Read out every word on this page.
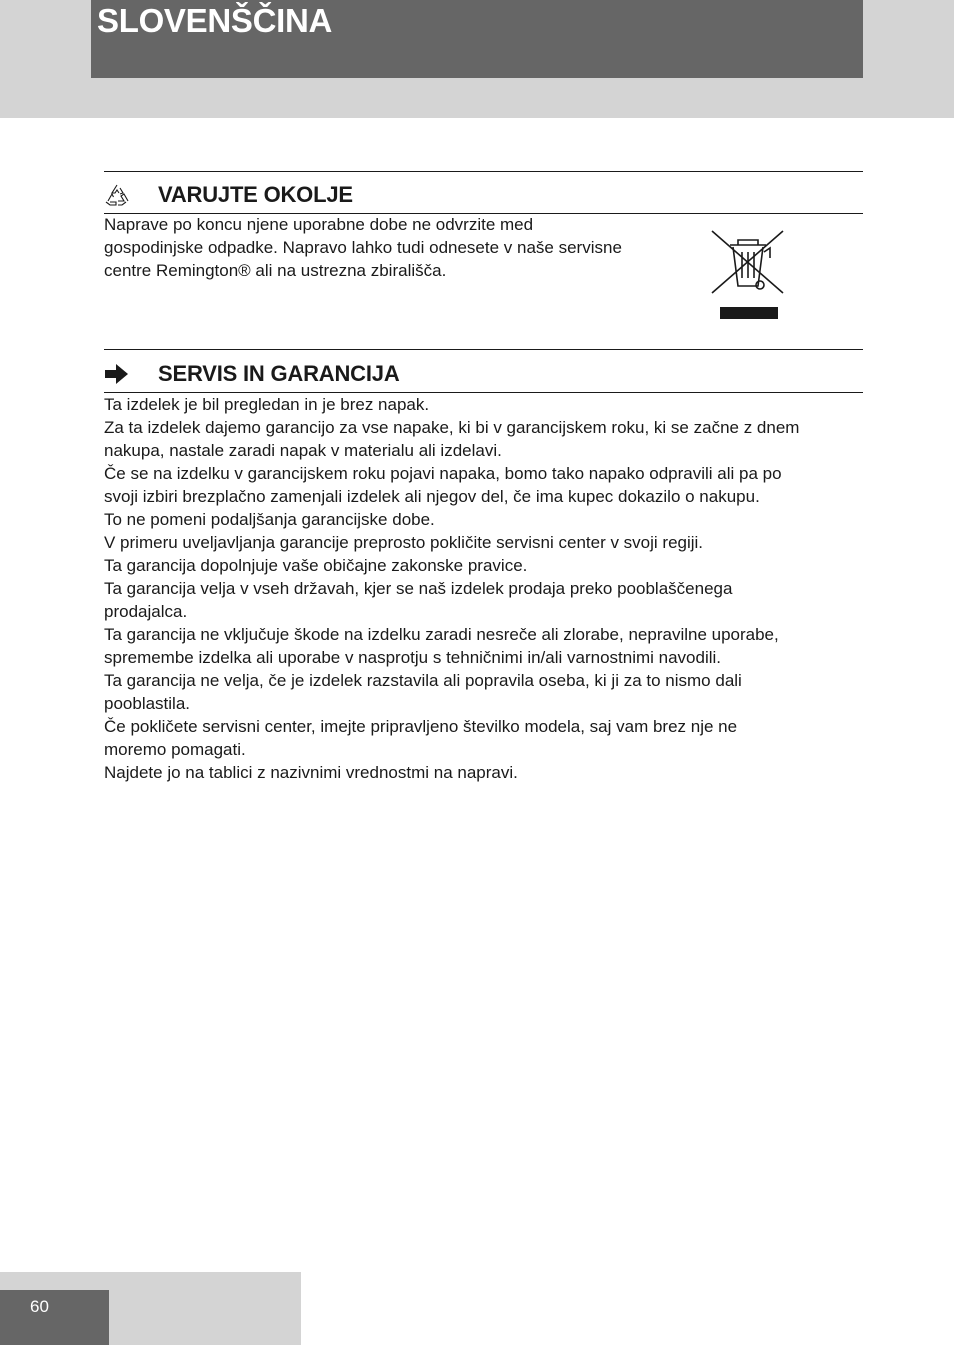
SLOVENŠČINA
VARUJTE OKOLJE

Naprave po koncu njene uporabne dobe ne odvrzite med

gospodinjske odpadke. Napravo lahko tudi odnesete v naše servisne

centre Remington® ali na ustrezna zbirališča.

SERVIS IN GARANCIJA

Ta izdelek je bil pregledan in je brez napak.

Za ta izdelek dajemo garancijo za vse napake, ki bi v garancijskem roku, ki se začne z dnem

nakupa, nastale zaradi napak v materialu ali izdelavi.

Če se na izdelku v garancijskem roku pojavi napaka, bomo tako napako odpravili ali pa po

svoji izbiri brezplačno zamenjali izdelek ali njegov del, če ima kupec dokazilo o nakupu.

To ne pomeni podaljšanja garancijske dobe.

V primeru uveljavljanja garancije preprosto pokličite servisni center v svoji regiji.

Ta garancija dopolnjuje vaše običajne zakonske pravice.

Ta garancija velja v vseh državah, kjer se naš izdelek prodaja preko pooblaščenega

prodajalca.

Ta garancija ne vključuje škode na izdelku zaradi nesreče ali zlorabe, nepravilne uporabe,

spremembe izdelka ali uporabe v nasprotju s tehničnimi in/ali varnostnimi navodili.

Ta garancija ne velja, če je izdelek razstavila ali popravila oseba, ki ji za to nismo dali

pooblastila.

Če pokličete servisni center, imejte pripravljeno številko modela, saj vam brez nje ne

moremo pomagati.

Najdete jo na tablici z nazivnimi vrednostmi na napravi.

60
